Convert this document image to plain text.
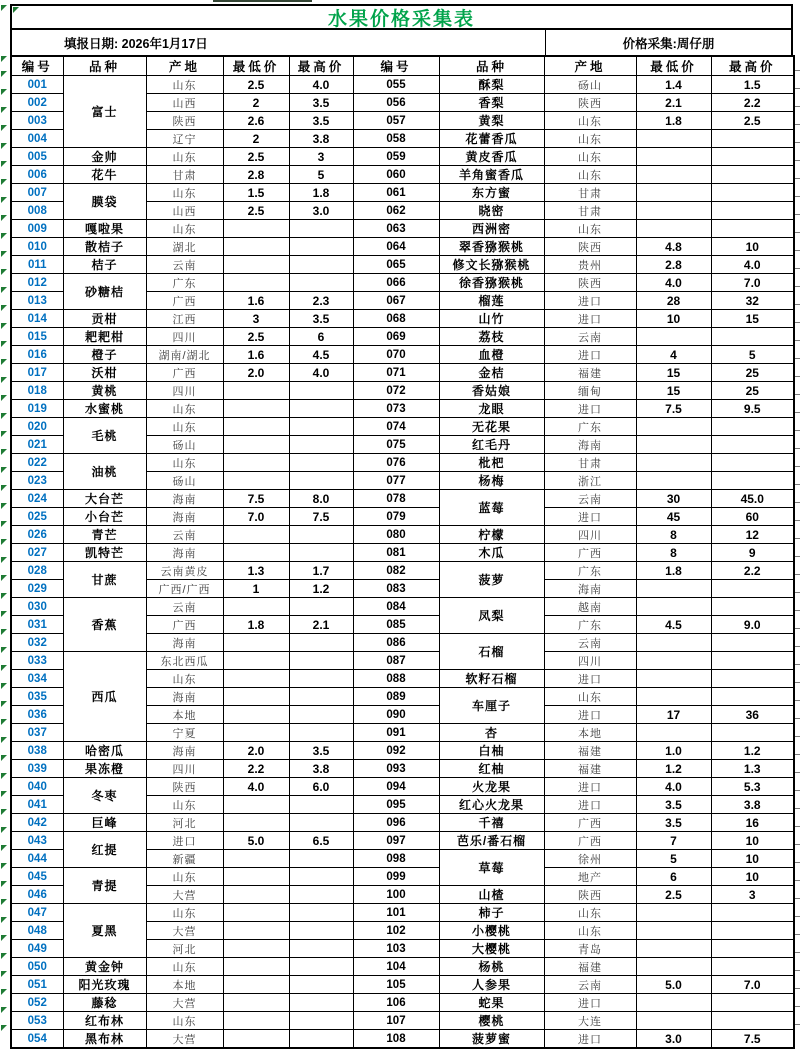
水果价格采集表
填报日期: 2026年1月17日	价格采集:周仔朋
编号	品种	产地	最低价	最高价	编号	品种	产地	最低价	最高价
001	富士	山东	2.5	4.0	055	酥梨	砀山	1.4	1.5
002		山西	2	3.5	056	香梨	陕西	2.1	2.2
003		陕西	2.6	3.5	057	黄梨	山东	1.8	2.5
004		辽宁	2	3.8	058	花蕾香瓜	山东		
005	金帅	山东	2.5	3	059	黄皮香瓜	山东		
006	花牛	甘肃	2.8	5	060	羊角蜜香瓜	山东		
007	膜袋	山东	1.5	1.8	061	东方蜜	甘肃		
008		山西	2.5	3.0	062	晓密	甘肃		
009	嘎啦果	山东			063	西洲密	山东		
010	散桔子	湖北			064	翠香猕猴桃	陕西	4.8	10
011	桔子	云南			065	修文长猕猴桃	贵州	2.8	4.0
012	砂糖桔	广东			066	徐香猕猴桃	陕西	4.0	7.0
013		广西	1.6	2.3	067	榴莲	进口	28	32
014	贡柑	江西	3	3.5	068	山竹	进口	10	15
015	耙耙柑	四川	2.5	6	069	荔枝	云南		
016	橙子	湖南/湖北	1.6	4.5	070	血橙	进口	4	5
017	沃柑	广西	2.0	4.0	071	金桔	福建	15	25
018	黄桃	四川			072	香姑娘	缅甸	15	25
019	水蜜桃	山东			073	龙眼	进口	7.5	9.5
020	毛桃	山东			074	无花果	广东		
021		砀山			075	红毛丹	海南		
022	油桃	山东			076	枇杷	甘肃		
023		砀山			077	杨梅	浙江		
024	大台芒	海南	7.5	8.0	078	蓝莓	云南	30	45.0
025	小台芒	海南	7.0	7.5	079		进口	45	60
026	青芒	云南			080	柠檬	四川	8	12
027	凯特芒	海南			081	木瓜	广西	8	9
028	甘蔗	云南黄皮	1.3	1.7	082	菠萝	广东	1.8	2.2
029		广西/广西	1	1.2	083		海南		
030	香蕉	云南			084	凤梨	越南		
031		广西	1.8	2.1	085		广东	4.5	9.0
032		海南			086	石榴	云南		
033	西瓜	东北西瓜			087		四川		
034		山东			088	软籽石榴	进口		
035		海南			089	车厘子	山东		
036		本地			090		进口	17	36
037		宁夏			091	杏	本地		
038	哈密瓜	海南	2.0	3.5	092	白柚	福建	1.0	1.2
039	果冻橙	四川	2.2	3.8	093	红柚	福建	1.2	1.3
040	冬枣	陕西	4.0	6.0	094	火龙果	进口	4.0	5.3
041		山东			095	红心火龙果	进口	3.5	3.8
042	巨峰	河北			096	千禧	广西	3.5	16
043	红提	进口	5.0	6.5	097	芭乐/番石榴	广西	7	10
044		新疆			098	草莓	徐州	5	10
045	青提	山东			099		地产	6	10
046		大营			100	山楂	陕西	2.5	3
047	夏黑	山东			101	柿子	山东		
048		大营			102	小樱桃	山东		
049		河北			103	大樱桃	青岛		
050	黄金钟	山东			104	杨桃	福建		
051	阳光玫瑰	本地			105	人参果	云南	5.0	7.0
052	藤稔	大营			106	蛇果	进口		
053	红布林	山东			107	樱桃	大连		
054	黑布林	大营			108	菠萝蜜	进口	3.0	7.5
